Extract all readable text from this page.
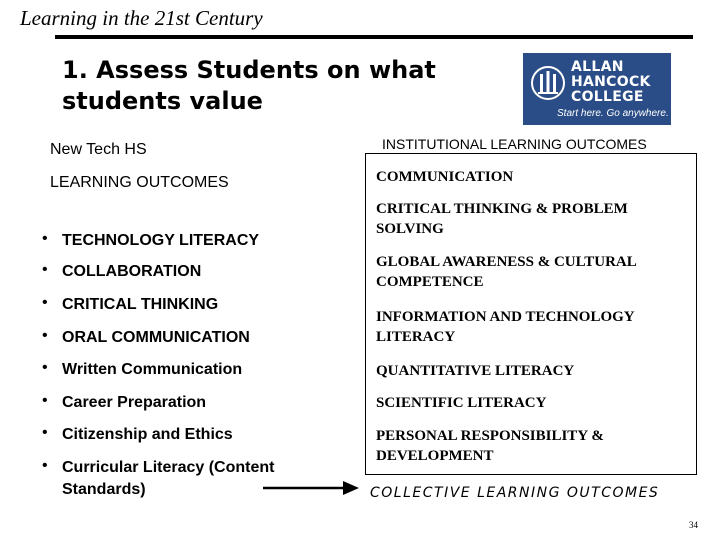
Learning in the 21st Century
1. Assess Students on what
students value
ALLAN
HANCOCK
COLLEGE
Start here. Go anywhere.
New Tech HS
LEARNING OUTCOMES
• TECHNOLOGY LITERACY
• COLLABORATION
• CRITICAL THINKING
• ORAL COMMUNICATION
• Written Communication
• Career Preparation
• Citizenship and Ethics
• Curricular Literacy (Content Standards)
INSTITUTIONAL LEARNING OUTCOMES
COMMUNICATION
CRITICAL THINKING & PROBLEM SOLVING
GLOBAL AWARENESS & CULTURAL COMPETENCE
INFORMATION AND TECHNOLOGY LITERACY
QUANTITATIVE LITERACY
SCIENTIFIC LITERACY
PERSONAL RESPONSIBILITY & DEVELOPMENT
COLLECTIVE LEARNING OUTCOMES
34
